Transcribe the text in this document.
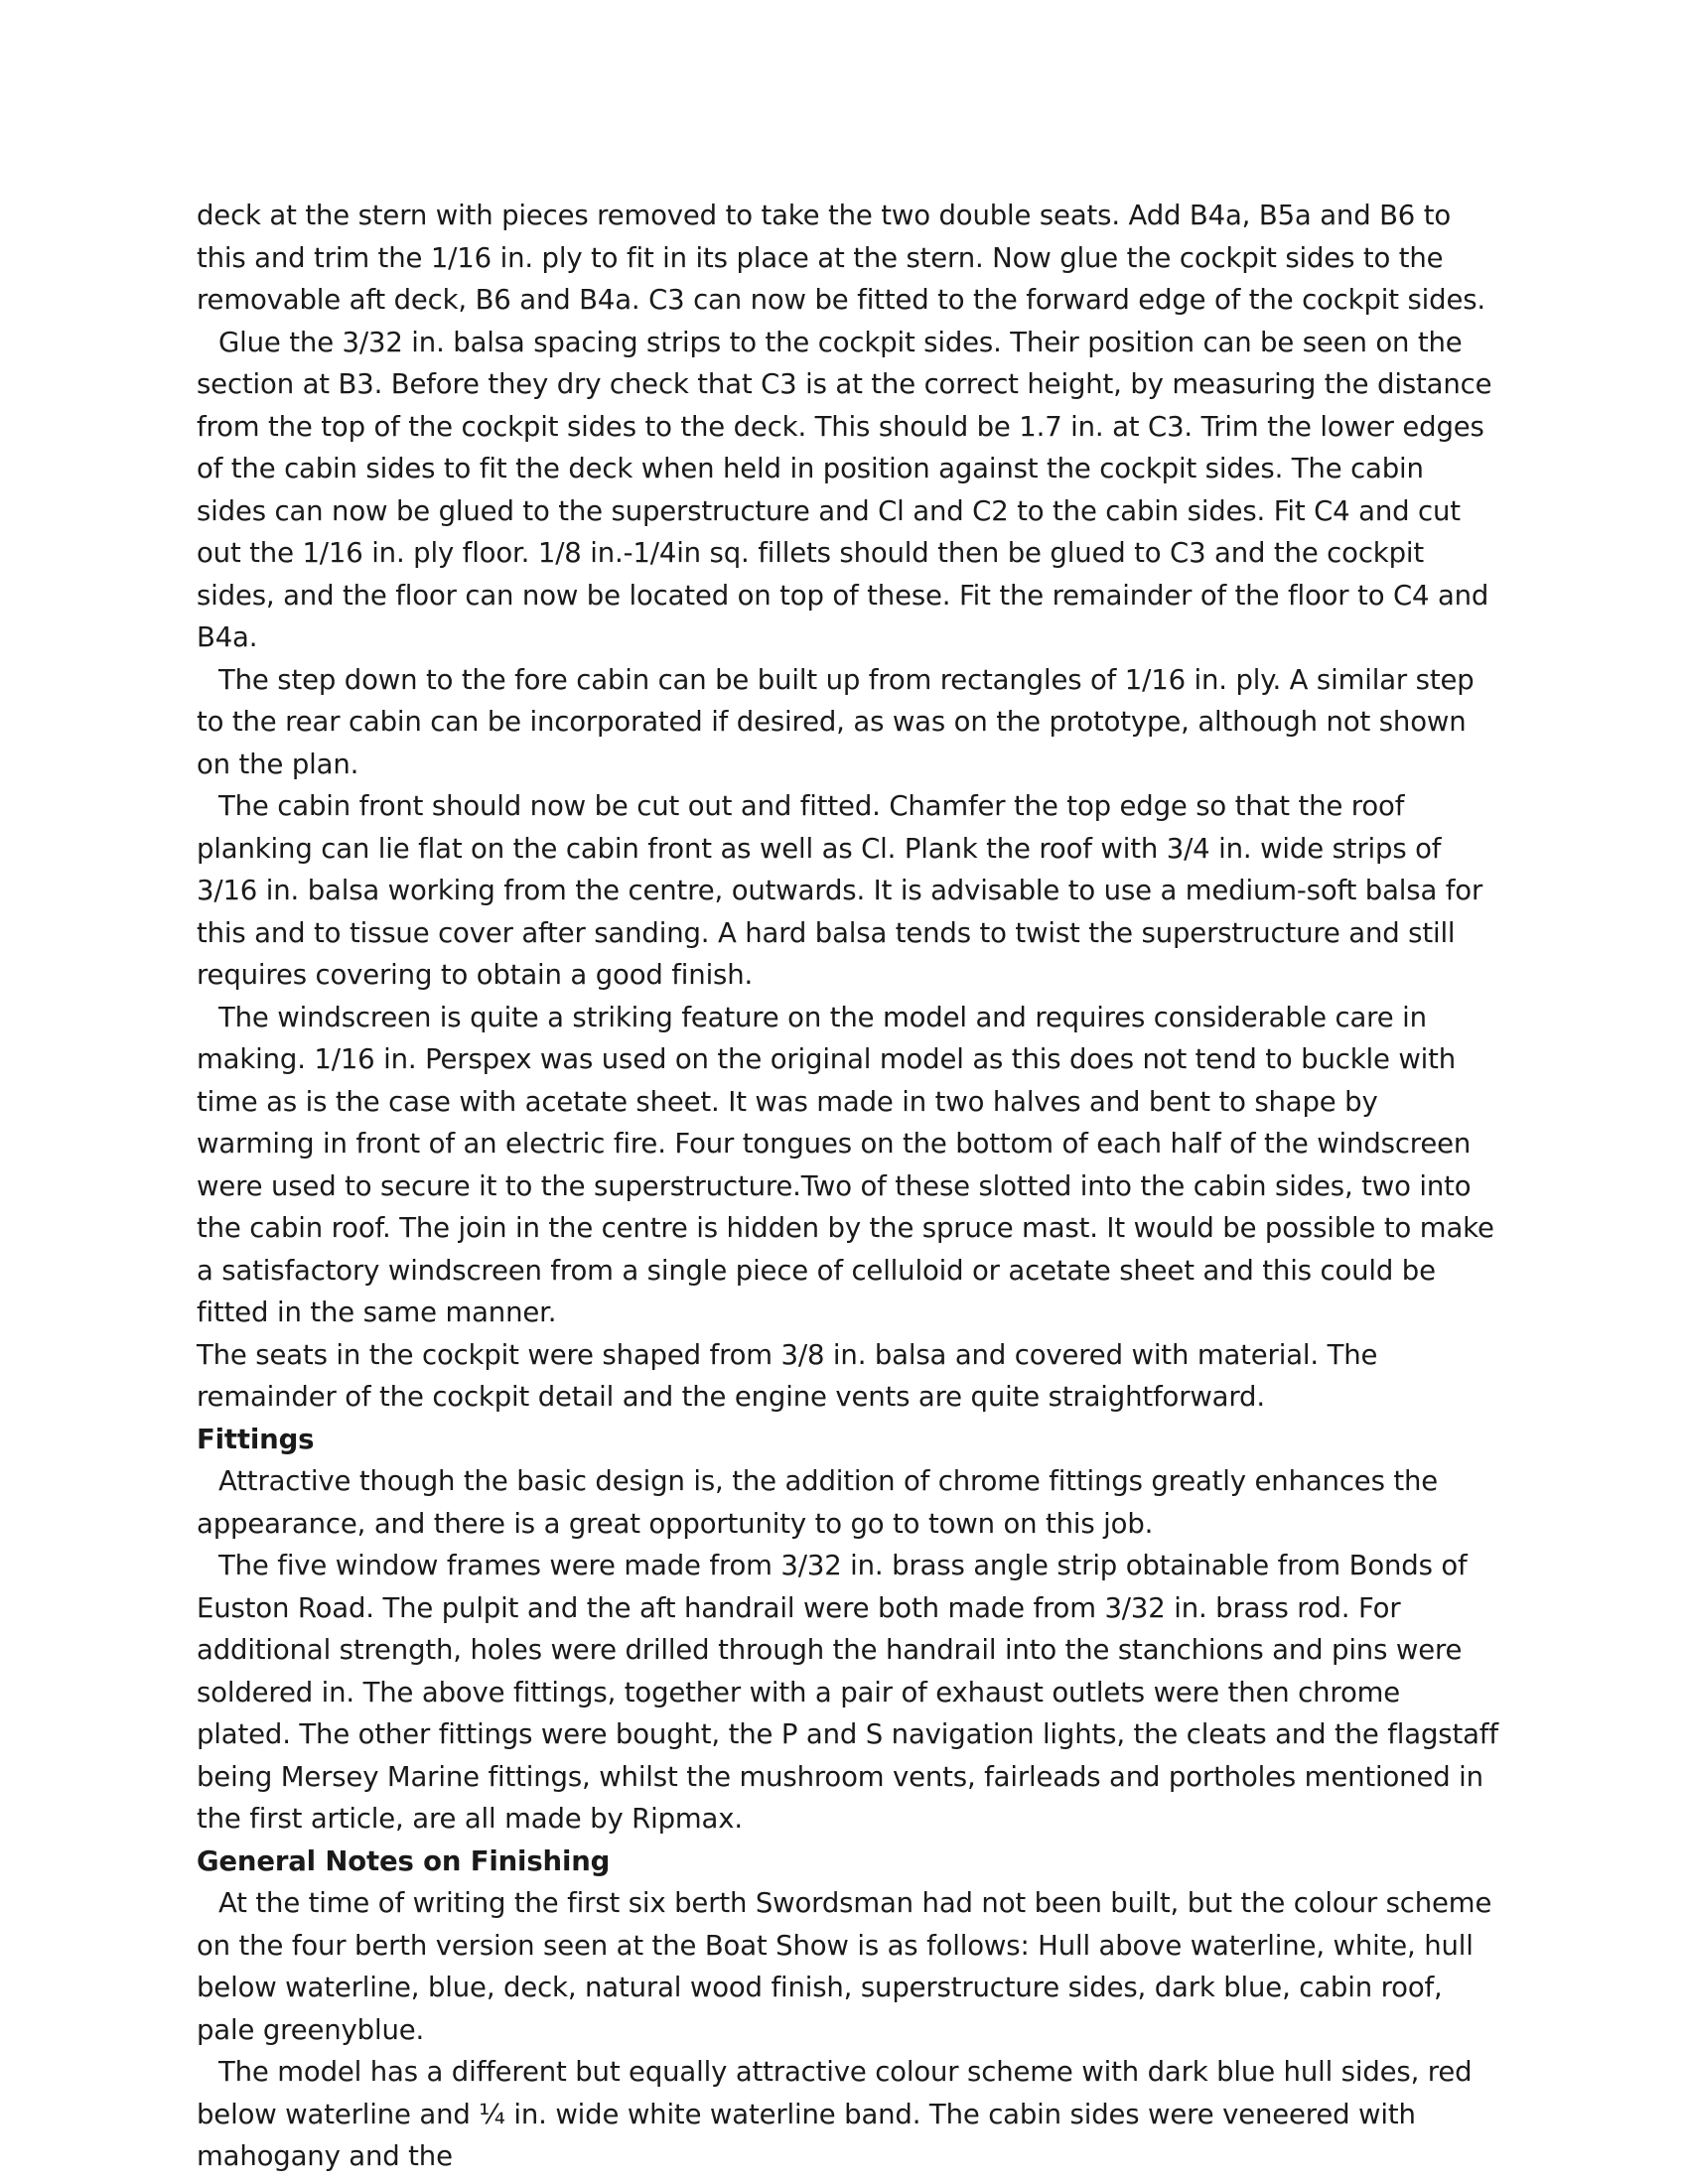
deck at the stern with pieces removed to take the two double seats. Add B4a, B5a and B6 to this and trim the 1/16 in. ply to fit in its place at the stern. Now glue the cockpit sides to the removable aft deck, B6 and B4a. C3 can now be fitted to the forward edge of the cockpit sides.

Glue the 3/32 in. balsa spacing strips to the cockpit sides. Their position can be seen on the section at B3. Before they dry check that C3 is at the correct height, by measuring the distance from the top of the cockpit sides to the deck. This should be 1.7 in. at C3. Trim the lower edges of the cabin sides to fit the deck when held in position against the cockpit sides. The cabin sides can now be glued to the superstructure and Cl and C2 to the cabin sides. Fit C4 and cut out the 1/16 in. ply floor. 1/8 in.-1/4in sq. fillets should then be glued to C3 and the cockpit sides, and the floor can now be located on top of these. Fit the remainder of the floor to C4 and B4a.

The step down to the fore cabin can be built up from rectangles of 1/16 in. ply. A similar step to the rear cabin can be incorporated if desired, as was on the prototype, although not shown on the plan.

The cabin front should now be cut out and fitted. Chamfer the top edge so that the roof planking can lie flat on the cabin front as well as Cl. Plank the roof with 3/4 in. wide strips of 3/16 in. balsa working from the centre, outwards. It is advisable to use a medium-soft balsa for this and to tissue cover after sanding. A hard balsa tends to twist the superstructure and still requires covering to obtain a good finish.

The windscreen is quite a striking feature on the model and requires considerable care in making. 1/16 in. Perspex was used on the original model as this does not tend to buckle with time as is the case with acetate sheet. It was made in two halves and bent to shape by warming in front of an electric fire. Four tongues on the bottom of each half of the windscreen were used to secure it to the superstructure.Two of these slotted into the cabin sides, two into the cabin roof. The join in the centre is hidden by the spruce mast. It would be possible to make a satisfactory windscreen from a single piece of celluloid or acetate sheet and this could be fitted in the same manner.

The seats in the cockpit were shaped from 3/8 in. balsa and covered with material. The remainder of the cockpit detail and the engine vents are quite straightforward.

Fittings

Attractive though the basic design is, the addition of chrome fittings greatly enhances the appearance, and there is a great opportunity to go to town on this job.

The five window frames were made from 3/32 in. brass angle strip obtainable from Bonds of Euston Road. The pulpit and the aft handrail were both made from 3/32 in. brass rod. For additional strength, holes were drilled through the handrail into the stanchions and pins were soldered in. The above fittings, together with a pair of exhaust outlets were then chrome plated. The other fittings were bought, the P and S navigation lights, the cleats and the flagstaff being Mersey Marine fittings, whilst the mushroom vents, fairleads and portholes mentioned in the first article, are all made by Ripmax.

General Notes on Finishing

At the time of writing the first six berth Swordsman had not been built, but the colour scheme on the four berth version seen at the Boat Show is as follows: Hull above waterline, white, hull below waterline, blue, deck, natural wood finish, superstructure sides, dark blue, cabin roof, pale greenyblue.

The model has a different but equally attractive colour scheme with dark blue hull sides, red below waterline and ¼ in. wide white waterline band. The cabin sides were veneered with mahogany and the
